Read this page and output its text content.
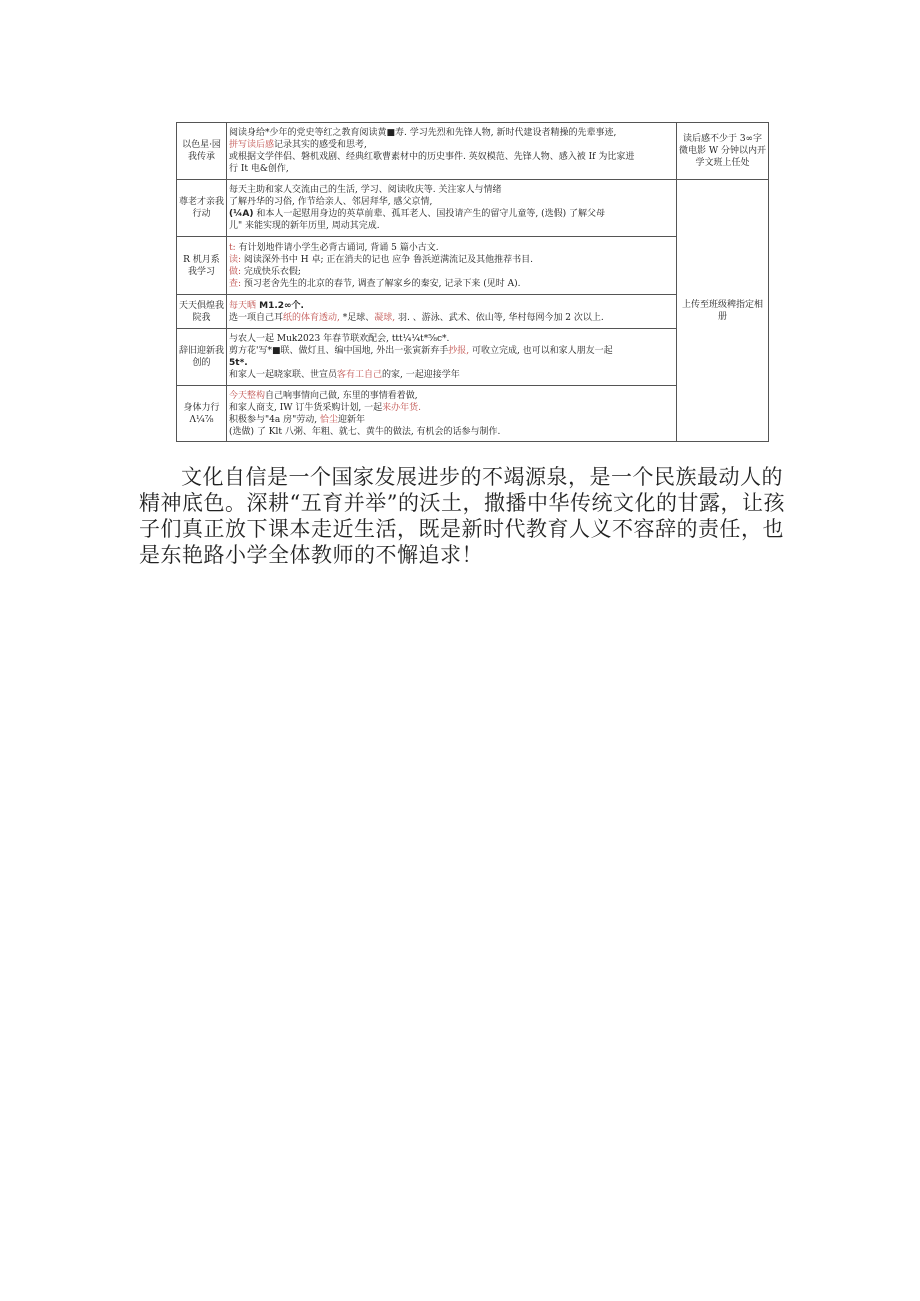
以色星·园我传承	阅读身给*少年的党史等红之教育阅读黄■寿. 学习先烈和先锋人物, 新时代建设者精操的先辈事迹,
拼写读后感记录其实的感受和思考,
或根据文学伴侣、磐机戏剧、经典红歌曹素材中的历史事件. 英奴模范、先锋人物、感入被 If 为比家进
行 It 电&创作,	读后感不少于 3∞字微电影 W 分钟以内开学文班上任处
尊老才亲我行动	每天主助和家人交流由己的生活, 学习、阅读收庆等. 关注家人与情绪
了解丹华的习俗, 作节给亲人、邻居拜华, 感父京情,
(¼A) 和本人一起慰用身边的英草前辈、孤耳老人、国投请产生的留守儿童等, (选假) 了解父母
儿" 来能实现的新年历里, 周动其完成.	上传至班级稗指定相册
R 机月系我学习	t: 有计划地件请小学生必背古诵词, 背诵 5 篇小古文.
读: 阅读深外书中 H 卓; 正在消夫的记也 应争 鲁浜逆满流记及其他推荐书目.
做: 完成快乐衣假;
查: 预习老舍先生的北京的春节, 调查了解家乡的秦安, 记录下来 (见时 A).	

天天俱煌我院我	每天晒 M1.2∞个.
选一项自己耳纸的体育透动, *足球、凝球, 羽. 、游泳、武术、依山等, 华村每网今加 2 次以上.	

辞旧迎新我创的	与农人一起 Muk2023 年春节联欢配会, ttt¼¼t*⅝c*.
剪方花'写*■联、做灯且、编中国地, 外出一张寅新弃手抄报, 可收立完成, 也可以和家人朋友一起
5t*.
和家人一起晓家联、世宣员客有工自己的家, 一起迎接学年	

身体力行 Λ¼⅞	今天整构自己响事情向己做, 东里的事情看着做,
和家人商支, IW 订牛货采购计划, 一起来办年货.
积极参与"4a 房"劳动, 恰尘迎新年
(选做) 了 Klt 八粥、年粗、就七、黄牛的做法, 有机会的话参与制作.	

文化自信是一个国家发展进步的不竭源泉，是一个民族最动人的精神底色。深耕“五育并举”的沃土，撒播中华传统文化的甘露，让孩子们真正放下课本走近生活，既是新时代教育人义不容辞的责任，也是东艳路小学全体教师的不懈追求！
